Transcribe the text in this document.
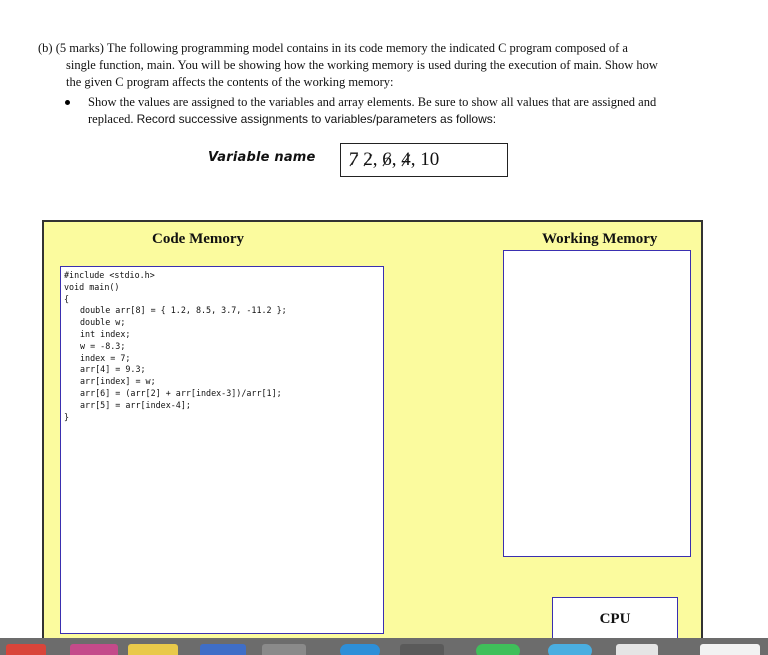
(b) (5 marks) The following programming model contains in its code memory the indicated C program composed of a
single function, main. You will be showing how the working memory is used during the execution of main. Show how
the given C program affects the contents of the working memory:
Show the values are assigned to the variables and array elements. Be sure to show all values that are assigned and
replaced. Record successive assignments to variables/parameters as follows:
Variable name	7 2, 6, 4, 10
Code Memory	Working Memory
#include <stdio.h>
void main()
{
double arr[8] = { 1.2, 8.5, 3.7, -11.2 };
double w;
int index;
w = -8.3;
index = 7;
arr[4] = 9.3;
arr[index] = w;
arr[6] = (arr[2] + arr[index-3])/arr[1];
arr[5] = arr[index-4];
}
CPU
